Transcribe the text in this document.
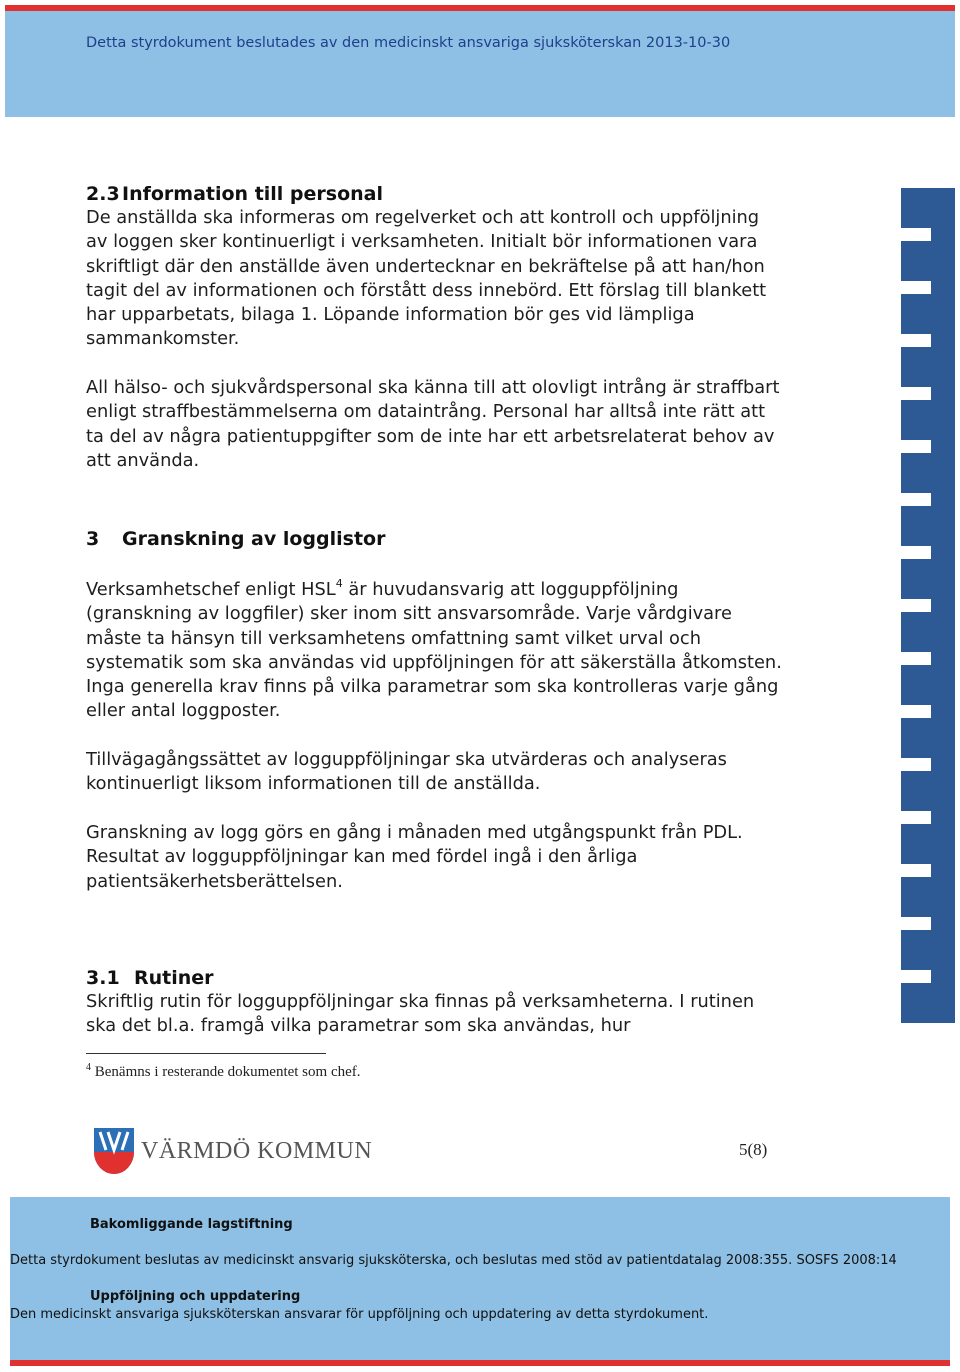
Detta styrdokument beslutades av den medicinskt ansvariga sjuksköterskan 2013-10-30
2.3 Information till personal

De anställda ska informeras om regelverket och att kontroll och uppföljning
av loggen sker kontinuerligt i verksamheten. Initialt bör informationen vara
skriftligt där den anställde även undertecknar en bekräftelse på att han/hon
tagit del av informationen och förstått dess innebörd. Ett förslag till blankett
har upparbetats, bilaga 1. Löpande information bör ges vid lämpliga
sammankomster.

All hälso- och sjukvårdspersonal ska känna till att olovligt intrång är straffbart
enligt straffbestämmelserna om dataintrång. Personal har alltså inte rätt att
ta del av några patientuppgifter som de inte har ett arbetsrelaterat behov av
att använda.

3 Granskning av logglistor

Verksamhetschef enligt HSL$^4$ är huvudansvarig att logguppföljning
(granskning av loggfiler) sker inom sitt ansvarsområde. Varje vårdgivare
måste ta hänsyn till verksamhetens omfattning samt vilket urval och
systematik som ska användas vid uppföljningen för att säkerställa åtkomsten.
Inga generella krav finns på vilka parametrar som ska kontrolleras varje gång
eller antal loggposter.

Tillvägagångssättet av logguppföljningar ska utvärderas och analyseras
kontinuerligt liksom informationen till de anställda.

Granskning av logg görs en gång i månaden med utgångspunkt från PDL.
Resultat av logguppföljningar kan med fördel ingå i den årliga
patientsäkerhetsberättelsen.

3.1 Rutiner

Skriftlig rutin för logguppföljningar ska finnas på verksamheterna. I rutinen
ska det bl.a. framgå vilka parametrar som ska användas, hur

$^4$ Benämns i resterande dokumentet som chef.
VÄRMDÖ KOMMUN	5(8)
Bakomliggande lagstiftning
Detta styrdokument beslutas av medicinskt ansvarig sjuksköterska, och beslutas med stöd av patientdatalag 2008:355. SOSFS 2008:14
Uppföljning och uppdatering
Den medicinskt ansvariga sjuksköterskan ansvarar för uppföljning och uppdatering av detta styrdokument.
